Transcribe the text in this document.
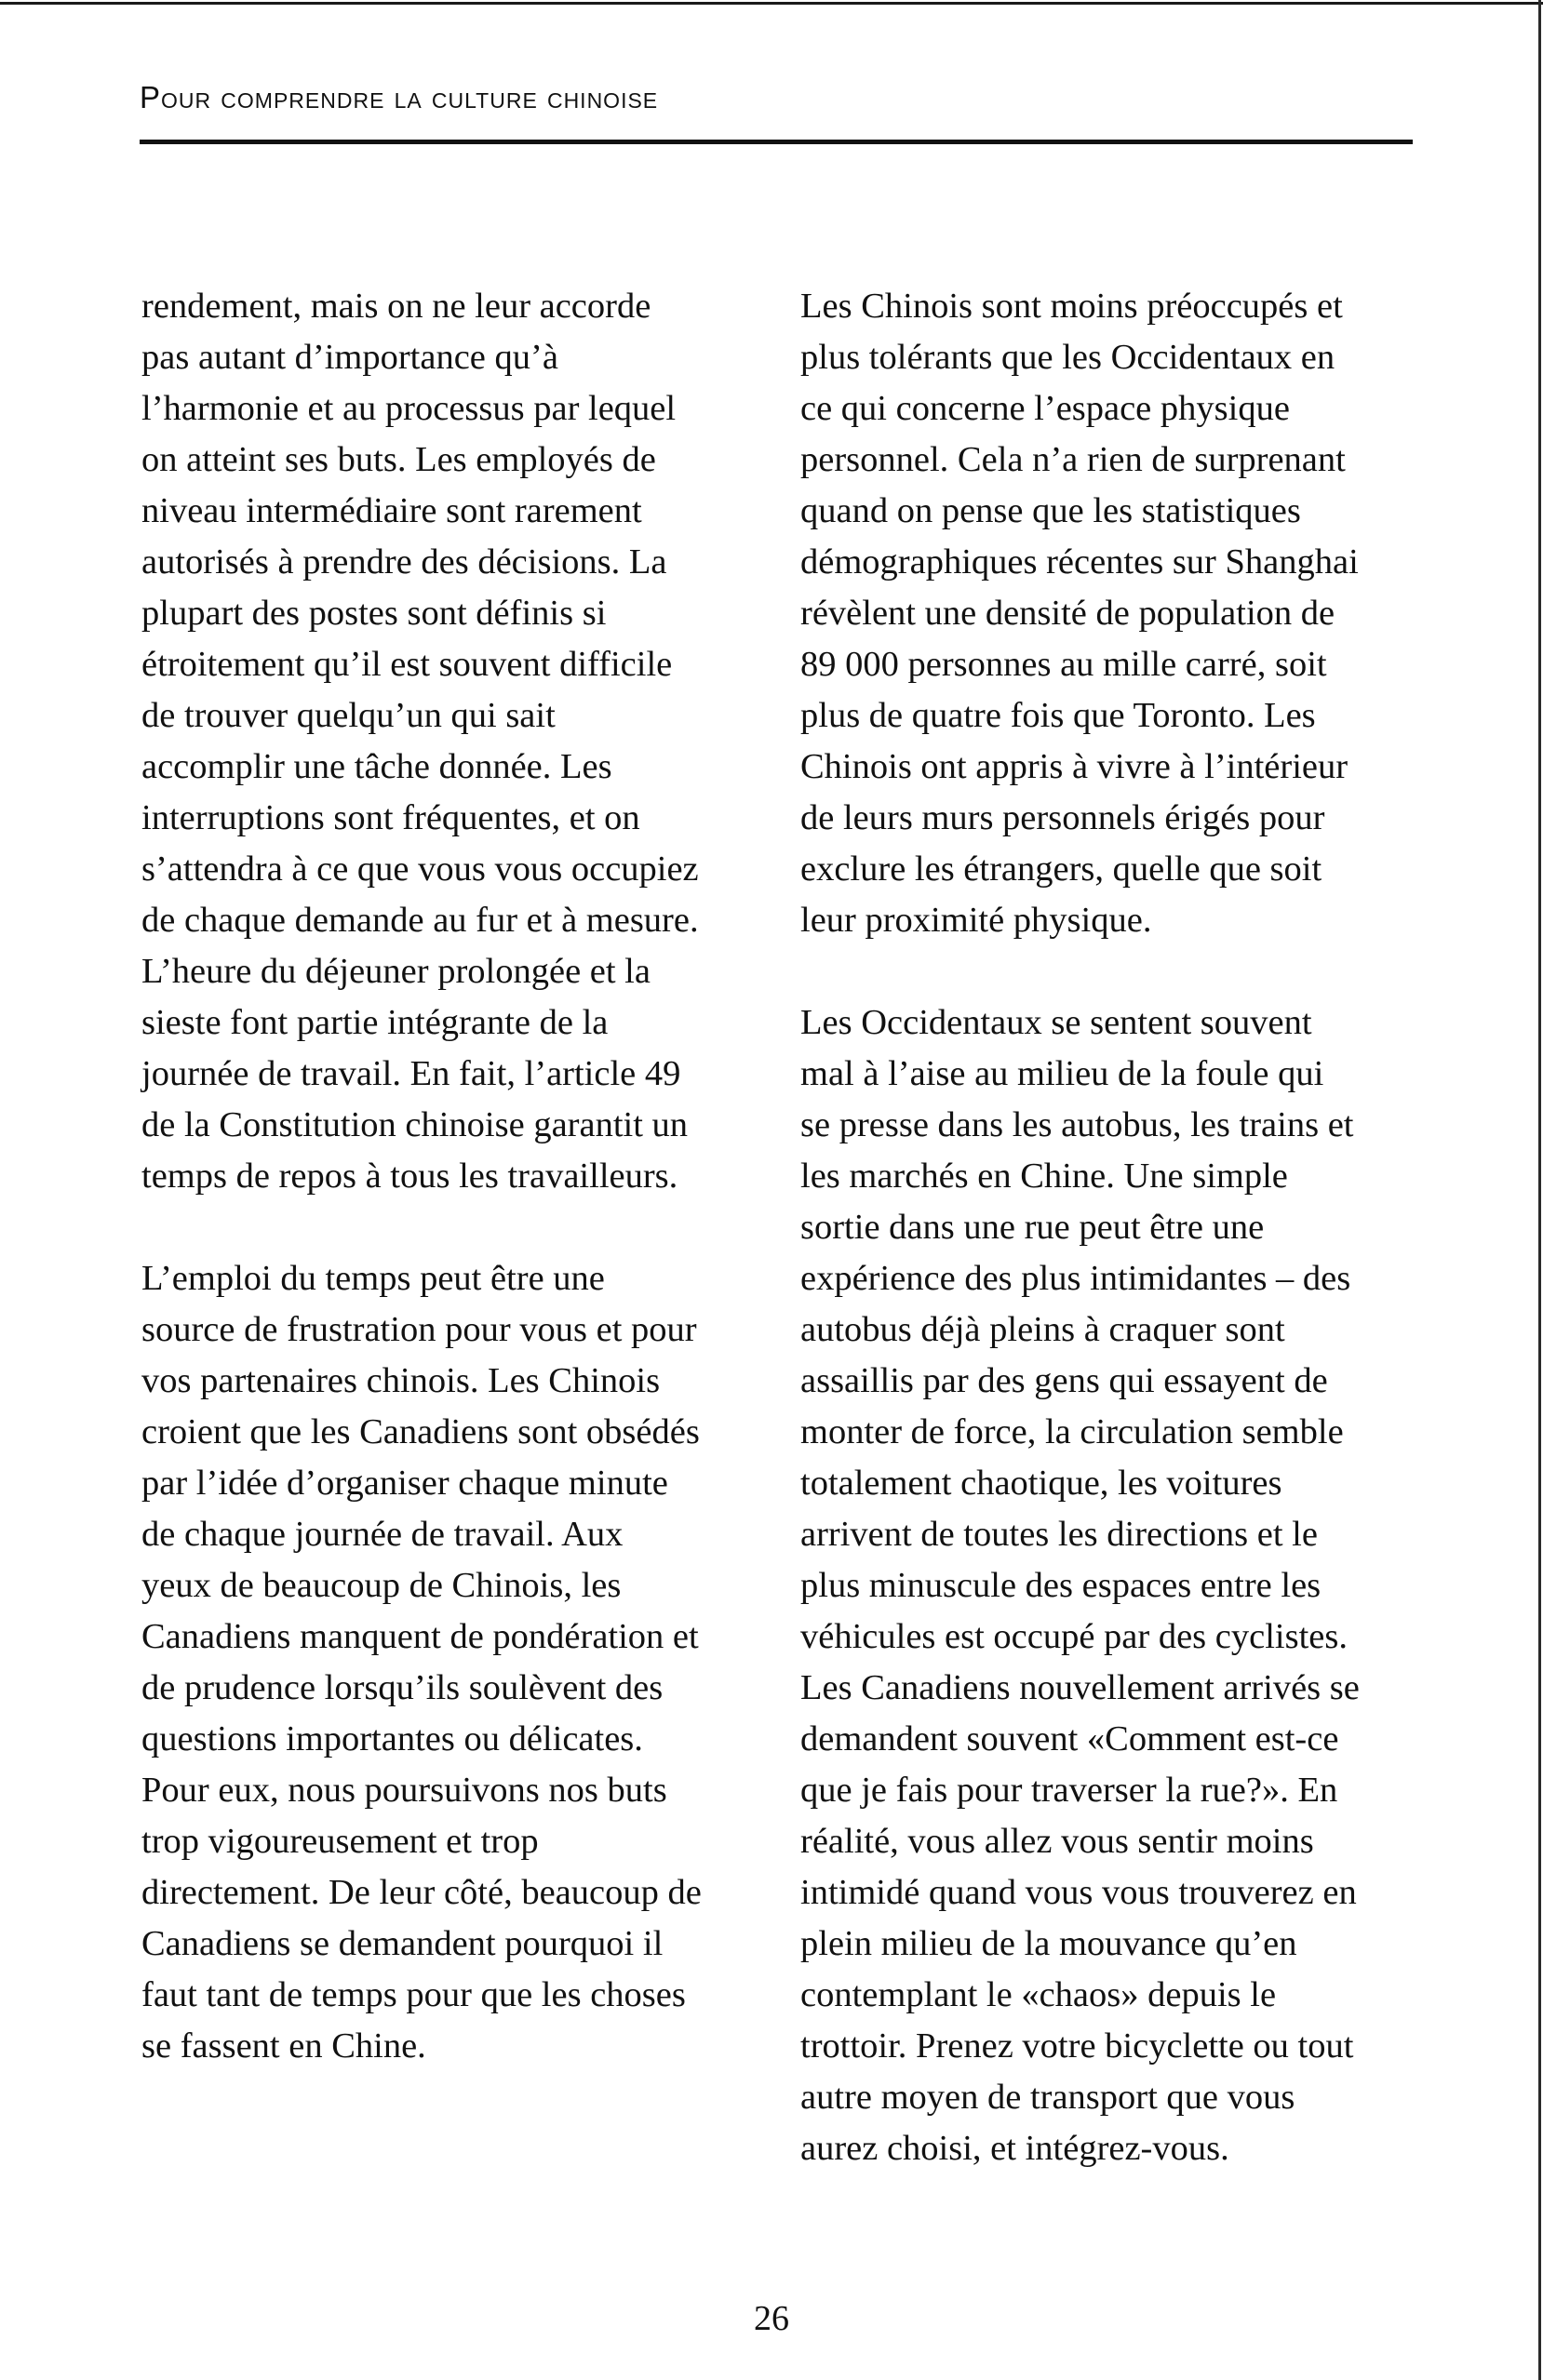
Pour comprendre la culture chinoise

rendement, mais on ne leur accorde
pas autant d’importance qu’à
l’harmonie et au processus par lequel
on atteint ses buts. Les employés de
niveau intermédiaire sont rarement
autorisés à prendre des décisions. La
plupart des postes sont définis si
étroitement qu’il est souvent difficile
de trouver quelqu’un qui sait
accomplir une tâche donnée. Les
interruptions sont fréquentes, et on
s’attendra à ce que vous vous occupiez
de chaque demande au fur et à mesure.
L’heure du déjeuner prolongée et la
sieste font partie intégrante de la
journée de travail. En fait, l’article 49
de la Constitution chinoise garantit un
temps de repos à tous les travailleurs.

L’emploi du temps peut être une
source de frustration pour vous et pour
vos partenaires chinois. Les Chinois
croient que les Canadiens sont obsédés
par l’idée d’organiser chaque minute
de chaque journée de travail. Aux
yeux de beaucoup de Chinois, les
Canadiens manquent de pondération et
de prudence lorsqu’ils soulèvent des
questions importantes ou délicates.
Pour eux, nous poursuivons nos buts
trop vigoureusement et trop
directement. De leur côté, beaucoup de
Canadiens se demandent pourquoi il
faut tant de temps pour que les choses
se fassent en Chine.

Les Chinois sont moins préoccupés et
plus tolérants que les Occidentaux en
ce qui concerne l’espace physique
personnel. Cela n’a rien de surprenant
quand on pense que les statistiques
démographiques récentes sur Shanghai
révèlent une densité de population de
89 000 personnes au mille carré, soit
plus de quatre fois que Toronto. Les
Chinois ont appris à vivre à l’intérieur
de leurs murs personnels érigés pour
exclure les étrangers, quelle que soit
leur proximité physique.

Les Occidentaux se sentent souvent
mal à l’aise au milieu de la foule qui
se presse dans les autobus, les trains et
les marchés en Chine. Une simple
sortie dans une rue peut être une
expérience des plus intimidantes – des
autobus déjà pleins à craquer sont
assaillis par des gens qui essayent de
monter de force, la circulation semble
totalement chaotique, les voitures
arrivent de toutes les directions et le
plus minuscule des espaces entre les
véhicules est occupé par des cyclistes.
Les Canadiens nouvellement arrivés se
demandent souvent «Comment est-ce
que je fais pour traverser la rue?». En
réalité, vous allez vous sentir moins
intimidé quand vous vous trouverez en
plein milieu de la mouvance qu’en
contemplant le «chaos» depuis le
trottoir. Prenez votre bicyclette ou tout
autre moyen de transport que vous
aurez choisi, et intégrez-vous.

26
